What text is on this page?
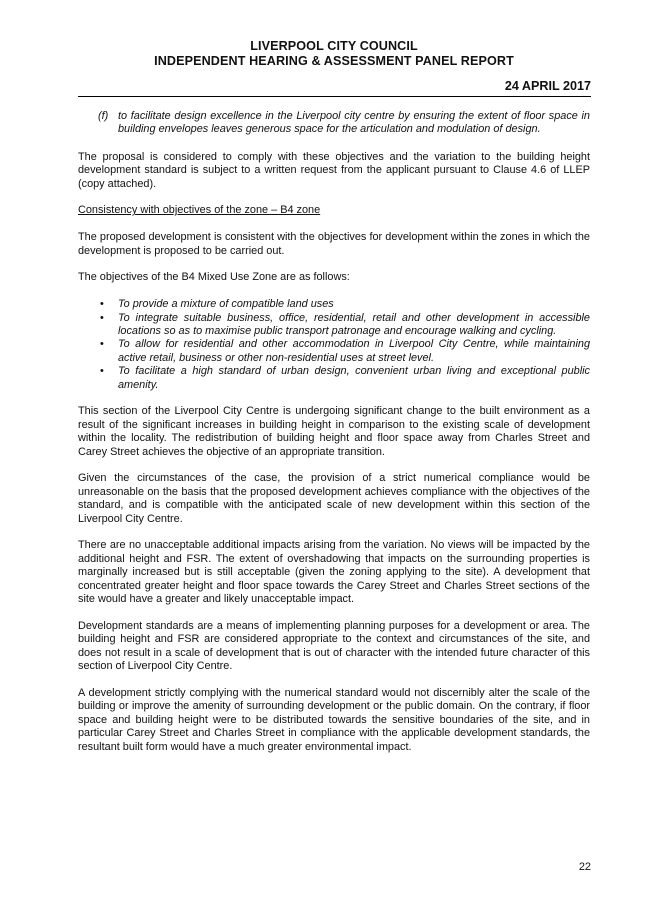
LIVERPOOL CITY COUNCIL
INDEPENDENT HEARING & ASSESSMENT PANEL REPORT
24 APRIL 2017
(f) to facilitate design excellence in the Liverpool city centre by ensuring the extent of floor space in building envelopes leaves generous space for the articulation and modulation of design.

The proposal is considered to comply with these objectives and the variation to the building height development standard is subject to a written request from the applicant pursuant to Clause 4.6 of LLEP (copy attached).

Consistency with objectives of the zone – B4 zone

The proposed development is consistent with the objectives for development within the zones in which the development is proposed to be carried out.

The objectives of the B4 Mixed Use Zone are as follows:

•	To provide a mixture of compatible land uses
•	To integrate suitable business, office, residential, retail and other development in accessible locations so as to maximise public transport patronage and encourage walking and cycling.
•	To allow for residential and other accommodation in Liverpool City Centre, while maintaining active retail, business or other non-residential uses at street level.
•	To facilitate a high standard of urban design, convenient urban living and exceptional public amenity.

This section of the Liverpool City Centre is undergoing significant change to the built environment as a result of the significant increases in building height in comparison to the existing scale of development within the locality. The redistribution of building height and floor space away from Charles Street and Carey Street achieves the objective of an appropriate transition.

Given the circumstances of the case, the provision of a strict numerical compliance would be unreasonable on the basis that the proposed development achieves compliance with the objectives of the standard, and is compatible with the anticipated scale of new development within this section of the Liverpool City Centre.

There are no unacceptable additional impacts arising from the variation. No views will be impacted by the additional height and FSR. The extent of overshadowing that impacts on the surrounding properties is marginally increased but is still acceptable (given the zoning applying to the site). A development that concentrated greater height and floor space towards the Carey Street and Charles Street sections of the site would have a greater and likely unacceptable impact.

Development standards are a means of implementing planning purposes for a development or area. The building height and FSR are considered appropriate to the context and circumstances of the site, and does not result in a scale of development that is out of character with the intended future character of this section of Liverpool City Centre.

A development strictly complying with the numerical standard would not discernibly alter the scale of the building or improve the amenity of surrounding development or the public domain. On the contrary, if floor space and building height were to be distributed towards the sensitive boundaries of the site, and in particular Carey Street and Charles Street in compliance with the applicable development standards, the resultant built form would have a much greater environmental impact.

22
